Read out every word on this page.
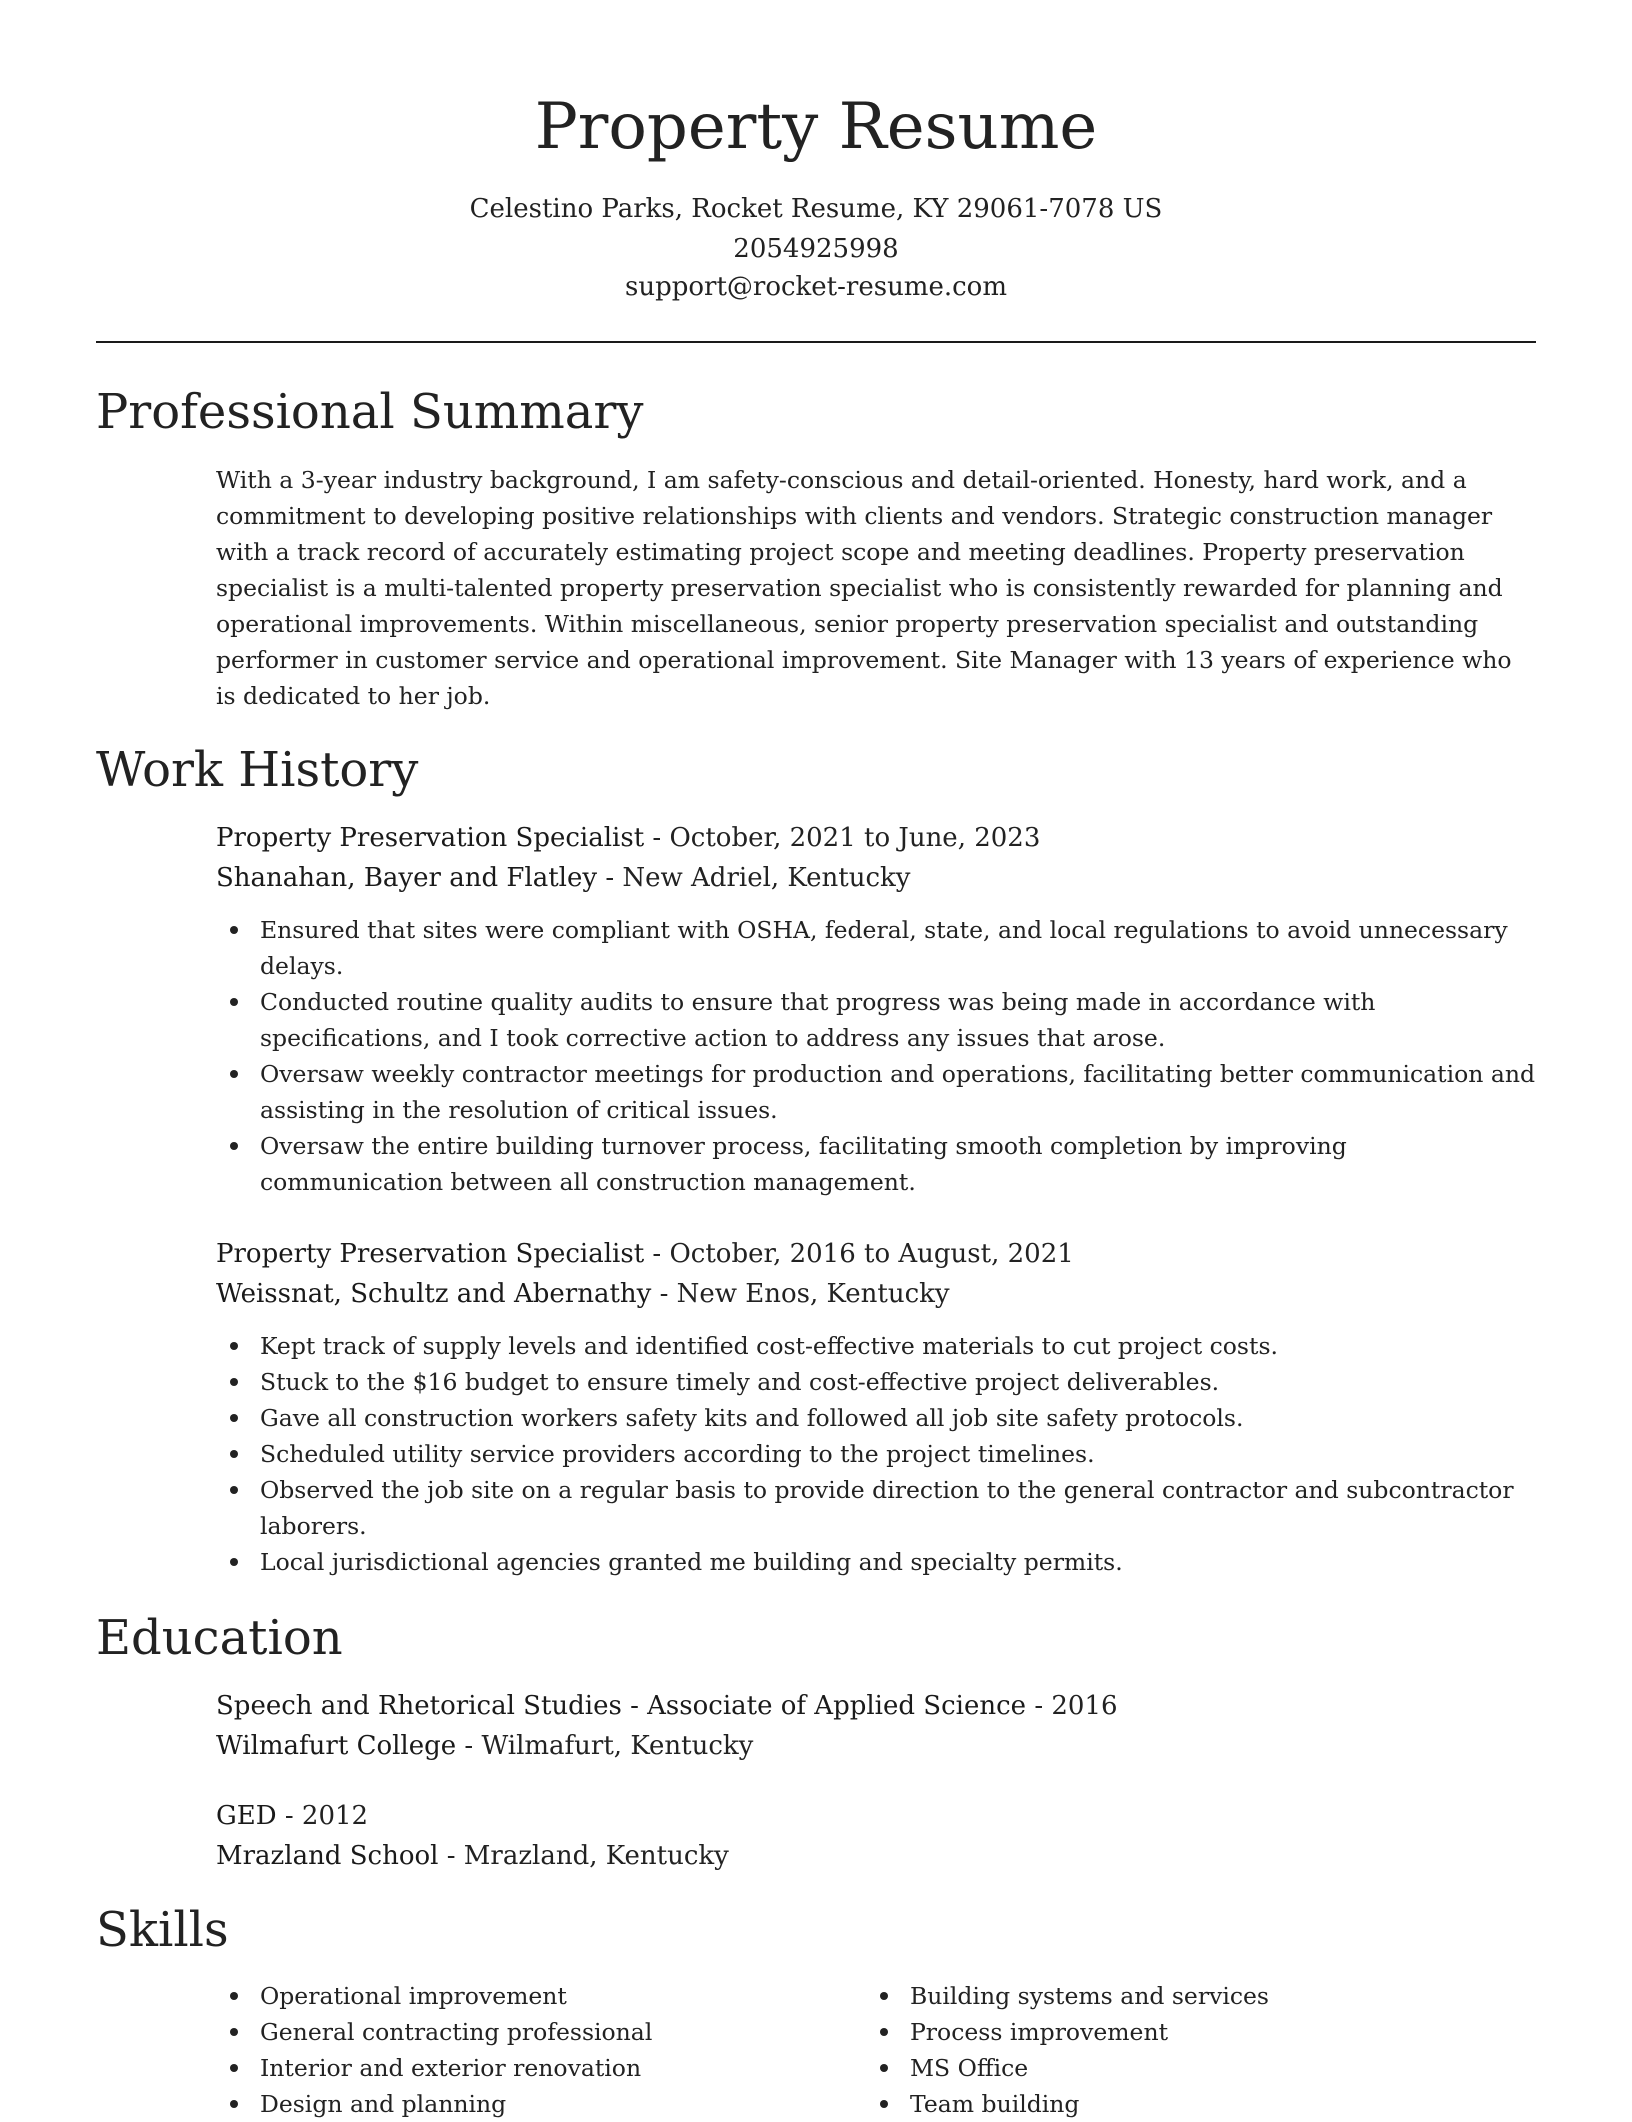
Property Resume
Celestino Parks, Rocket Resume, KY 29061-7078 US
2054925998
support@rocket-resume.com
Professional Summary

With a 3-year industry background, I am safety-conscious and detail-oriented. Honesty, hard work, and a commitment to developing positive relationships with clients and vendors. Strategic construction manager with a track record of accurately estimating project scope and meeting deadlines. Property preservation specialist is a multi-talented property preservation specialist who is consistently rewarded for planning and operational improvements. Within miscellaneous, senior property preservation specialist and outstanding performer in customer service and operational improvement. Site Manager with 13 years of experience who is dedicated to her job.

Work History
Property Preservation Specialist - October, 2021 to June, 2023
Shanahan, Bayer and Flatley - New Adriel, Kentucky
Ensured that sites were compliant with OSHA, federal, state, and local regulations to avoid unnecessary delays.
Conducted routine quality audits to ensure that progress was being made in accordance with specifications, and I took corrective action to address any issues that arose.
Oversaw weekly contractor meetings for production and operations, facilitating better communication and assisting in the resolution of critical issues.
Oversaw the entire building turnover process, facilitating smooth completion by improving communication between all construction management.
Property Preservation Specialist - October, 2016 to August, 2021
Weissnat, Schultz and Abernathy - New Enos, Kentucky
Kept track of supply levels and identified cost-effective materials to cut project costs.
Stuck to the $16 budget to ensure timely and cost-effective project deliverables.
Gave all construction workers safety kits and followed all job site safety protocols.
Scheduled utility service providers according to the project timelines.
Observed the job site on a regular basis to provide direction to the general contractor and subcontractor laborers.
Local jurisdictional agencies granted me building and specialty permits.
Education
Speech and Rhetorical Studies - Associate of Applied Science - 2016
Wilmafurt College - Wilmafurt, Kentucky
GED - 2012
Mrazland School - Mrazland, Kentucky
Skills
Operational improvement
General contracting professional
Interior and exterior renovation
Design and planning
Building systems and services
Process improvement
MS Office
Team building
